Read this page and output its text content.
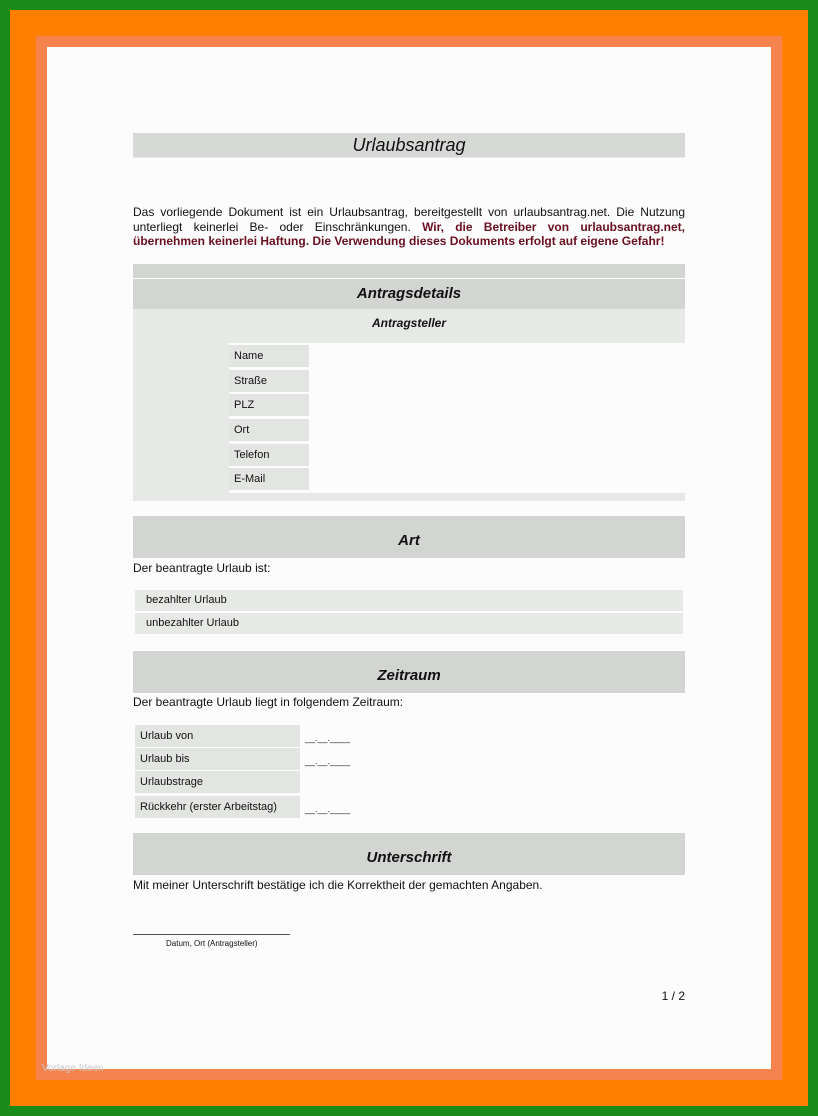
Urlaubsantrag
Das vorliegende Dokument ist ein Urlaubsantrag, bereitgestellt von urlaubsantrag.net. Die Nutzung unterliegt keinerlei Be- oder Einschränkungen. Wir, die Betreiber von urlaubsantrag.net, übernehmen keinerlei Haftung. Die Verwendung dieses Dokuments erfolgt auf eigene Gefahr!
Antragsdetails
Antragsteller
Name
Straße
PLZ
Ort
Telefon
E-Mail
Art
Der beantragte Urlaub ist:
bezahlter Urlaub
unbezahlter Urlaub
Zeitraum
Der beantragte Urlaub liegt in folgendem Zeitraum:
Urlaub von	__.__.____
Urlaub bis	__.__.____
Urlaubstrage
Rückkehr (erster Arbeitstag)	__.__.____
Unterschrift
Mit meiner Unterschrift bestätige ich die Korrektheit der gemachten Angaben.
Datum, Ort (Antragsteller)
1 / 2
Vorlage Ideen
